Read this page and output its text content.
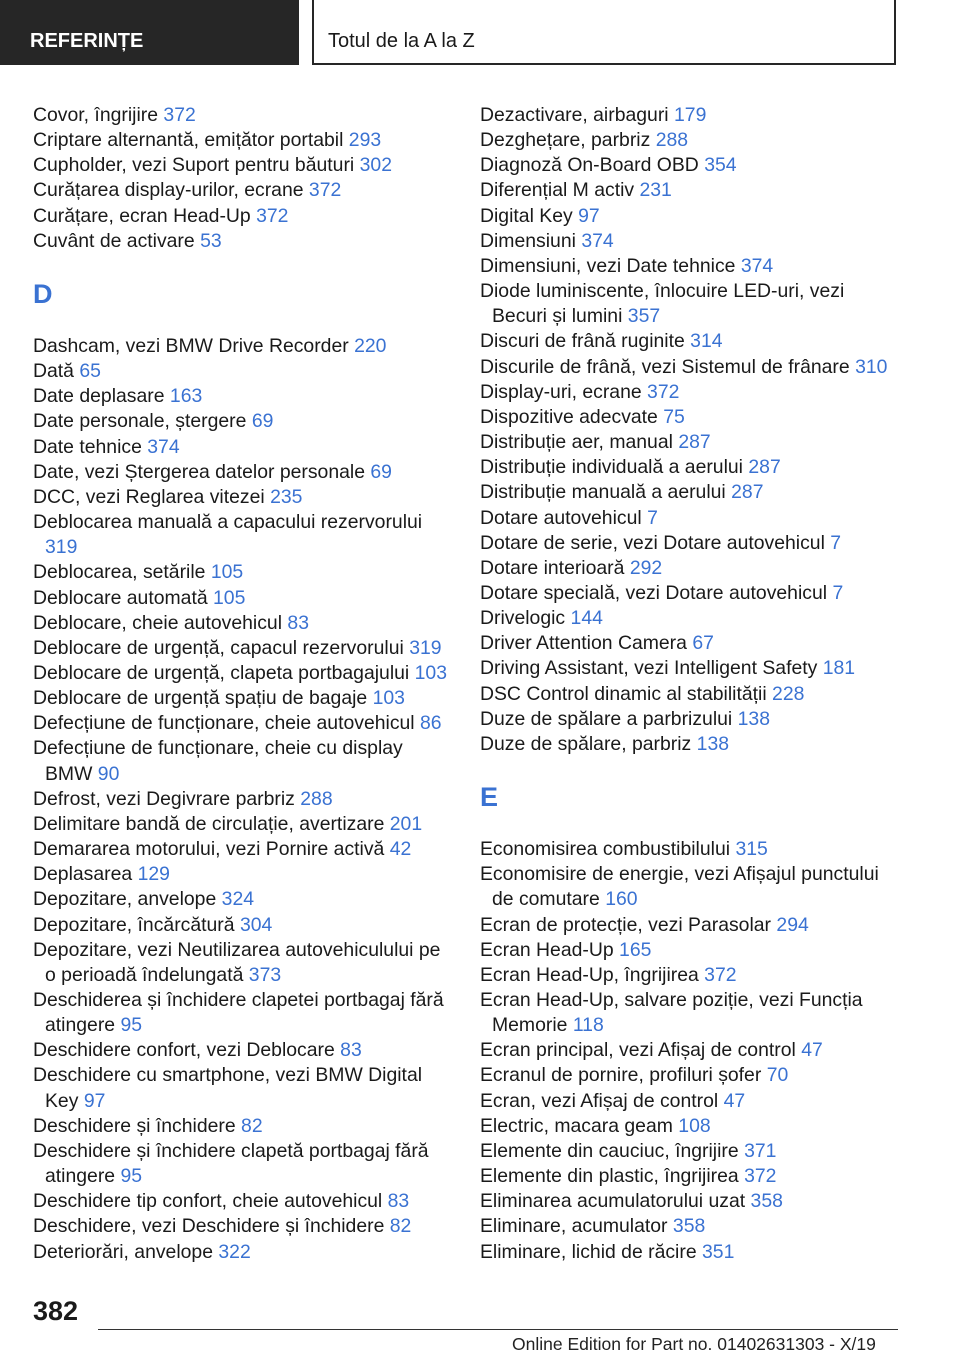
REFERINȚE	Totul de la A la Z
Covor, îngrijire 372
Criptare alternantă, emițător portabil 293
Cupholder, vezi Suport pentru băuturi 302
Curățarea display-urilor, ecrane 372
Curățare, ecran Head-Up 372
Cuvânt de activare 53
D
Dashcam, vezi BMW Drive Recorder 220
Dată 65
Date deplasare 163
Date personale, ștergere 69
Date tehnice 374
Date, vezi Ștergerea datelor personale 69
DCC, vezi Reglarea vitezei 235
Deblocarea manuală a capacului rezervorului 319
Deblocarea, setările 105
Deblocare automată 105
Deblocare, cheie autovehicul 83
Deblocare de urgență, capacul rezervorului 319
Deblocare de urgență, clapeta portbagajului 103
Deblocare de urgență spațiu de bagaje 103
Defecțiune de funcționare, cheie autovehicul 86
Defecțiune de funcționare, cheie cu display BMW 90
Defrost, vezi Degivrare parbriz 288
Delimitare bandă de circulație, avertizare 201
Demararea motorului, vezi Pornire activă 42
Deplasarea 129
Depozitare, anvelope 324
Depozitare, încărcătură 304
Depozitare, vezi Neutilizarea autovehiculului pe o perioadă îndelungată 373
Deschiderea și închidere clapetei portbagaj fără atingere 95
Deschidere confort, vezi Deblocare 83
Deschidere cu smartphone, vezi BMW Digital Key 97
Deschidere și închidere 82
Deschidere și închidere clapetă portbagaj fără atingere 95
Deschidere tip confort, cheie autovehicul 83
Deschidere, vezi Deschidere și închidere 82
Deteriorări, anvelope 322
Dezactivare, airbaguri 179
Dezghețare, parbriz 288
Diagnoză On-Board OBD 354
Diferențial M activ 231
Digital Key 97
Dimensiuni 374
Dimensiuni, vezi Date tehnice 374
Diode luminiscente, înlocuire LED-uri, vezi Becuri și lumini 357
Discuri de frână ruginite 314
Discurile de frână, vezi Sistemul de frânare 310
Display-uri, ecrane 372
Dispozitive adecvate 75
Distribuție aer, manual 287
Distribuție individuală a aerului 287
Distribuție manuală a aerului 287
Dotare autovehicul 7
Dotare de serie, vezi Dotare autovehicul 7
Dotare interioară 292
Dotare specială, vezi Dotare autovehicul 7
Drivelogic 144
Driver Attention Camera 67
Driving Assistant, vezi Intelligent Safety 181
DSC Control dinamic al stabilității 228
Duze de spălare a parbrizului 138
Duze de spălare, parbriz 138
E
Economisirea combustibilului 315
Economisire de energie, vezi Afișajul punctului de comutare 160
Ecran de protecție, vezi Parasolar 294
Ecran Head-Up 165
Ecran Head-Up, îngrijirea 372
Ecran Head-Up, salvare poziție, vezi Funcția Memorie 118
Ecran principal, vezi Afișaj de control 47
Ecranul de pornire, profiluri șofer 70
Ecran, vezi Afișaj de control 47
Electric, macara geam 108
Elemente din cauciuc, îngrijire 371
Elemente din plastic, îngrijirea 372
Eliminarea acumulatorului uzat 358
Eliminare, acumulator 358
Eliminare, lichid de răcire 351
382
Online Edition for Part no. 01402631303 - X/19
